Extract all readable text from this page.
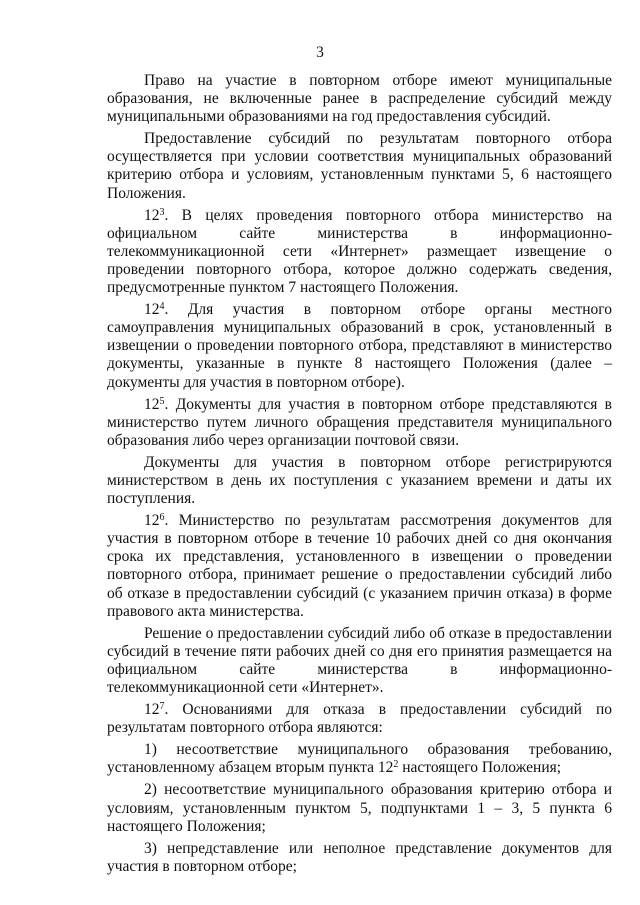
3

Право на участие в повторном отборе имеют муниципальные образования, не включенные ранее в распределение субсидий между муниципальными образованиями на год предоставления субсидий.

Предоставление субсидий по результатам повторного отбора осуществляется при условии соответствия муниципальных образований критерию отбора и условиям, установленным пунктами 5, 6 настоящего Положения.

$12^3$. В целях проведения повторного отбора министерство на официальном сайте министерства в информационно-телекоммуникационной сети «Интернет» размещает извещение о проведении повторного отбора, которое должно содержать сведения, предусмотренные пунктом 7 настоящего Положения.

$12^4$. Для участия в повторном отборе органы местного самоуправления муниципальных образований в срок, установленный в извещении о проведении повторного отбора, представляют в министерство документы, указанные в пункте 8 настоящего Положения (далее – документы для участия в повторном отборе).

$12^5$. Документы для участия в повторном отборе представляются в министерство путем личного обращения представителя муниципального образования либо через организации почтовой связи.

Документы для участия в повторном отборе регистрируются министерством в день их поступления с указанием времени и даты их поступления.

$12^6$. Министерство по результатам рассмотрения документов для участия в повторном отборе в течение 10 рабочих дней со дня окончания срока их представления, установленного в извещении о проведении повторного отбора, принимает решение о предоставлении субсидий либо об отказе в предоставлении субсидий (с указанием причин отказа) в форме правового акта министерства.

Решение о предоставлении субсидий либо об отказе в предоставлении субсидий в течение пяти рабочих дней со дня его принятия размещается на официальном сайте министерства в информационно-телекоммуникационной сети «Интернет».

$12^7$. Основаниями для отказа в предоставлении субсидий по результатам повторного отбора являются:

1) несоответствие муниципального образования требованию, установленному абзацем вторым пункта $12^2$ настоящего Положения;

2) несоответствие муниципального образования критерию отбора и условиям, установленным пунктом 5, подпунктами 1 – 3, 5 пункта 6 настоящего Положения;

3) непредставление или неполное представление документов для участия в повторном отборе;
